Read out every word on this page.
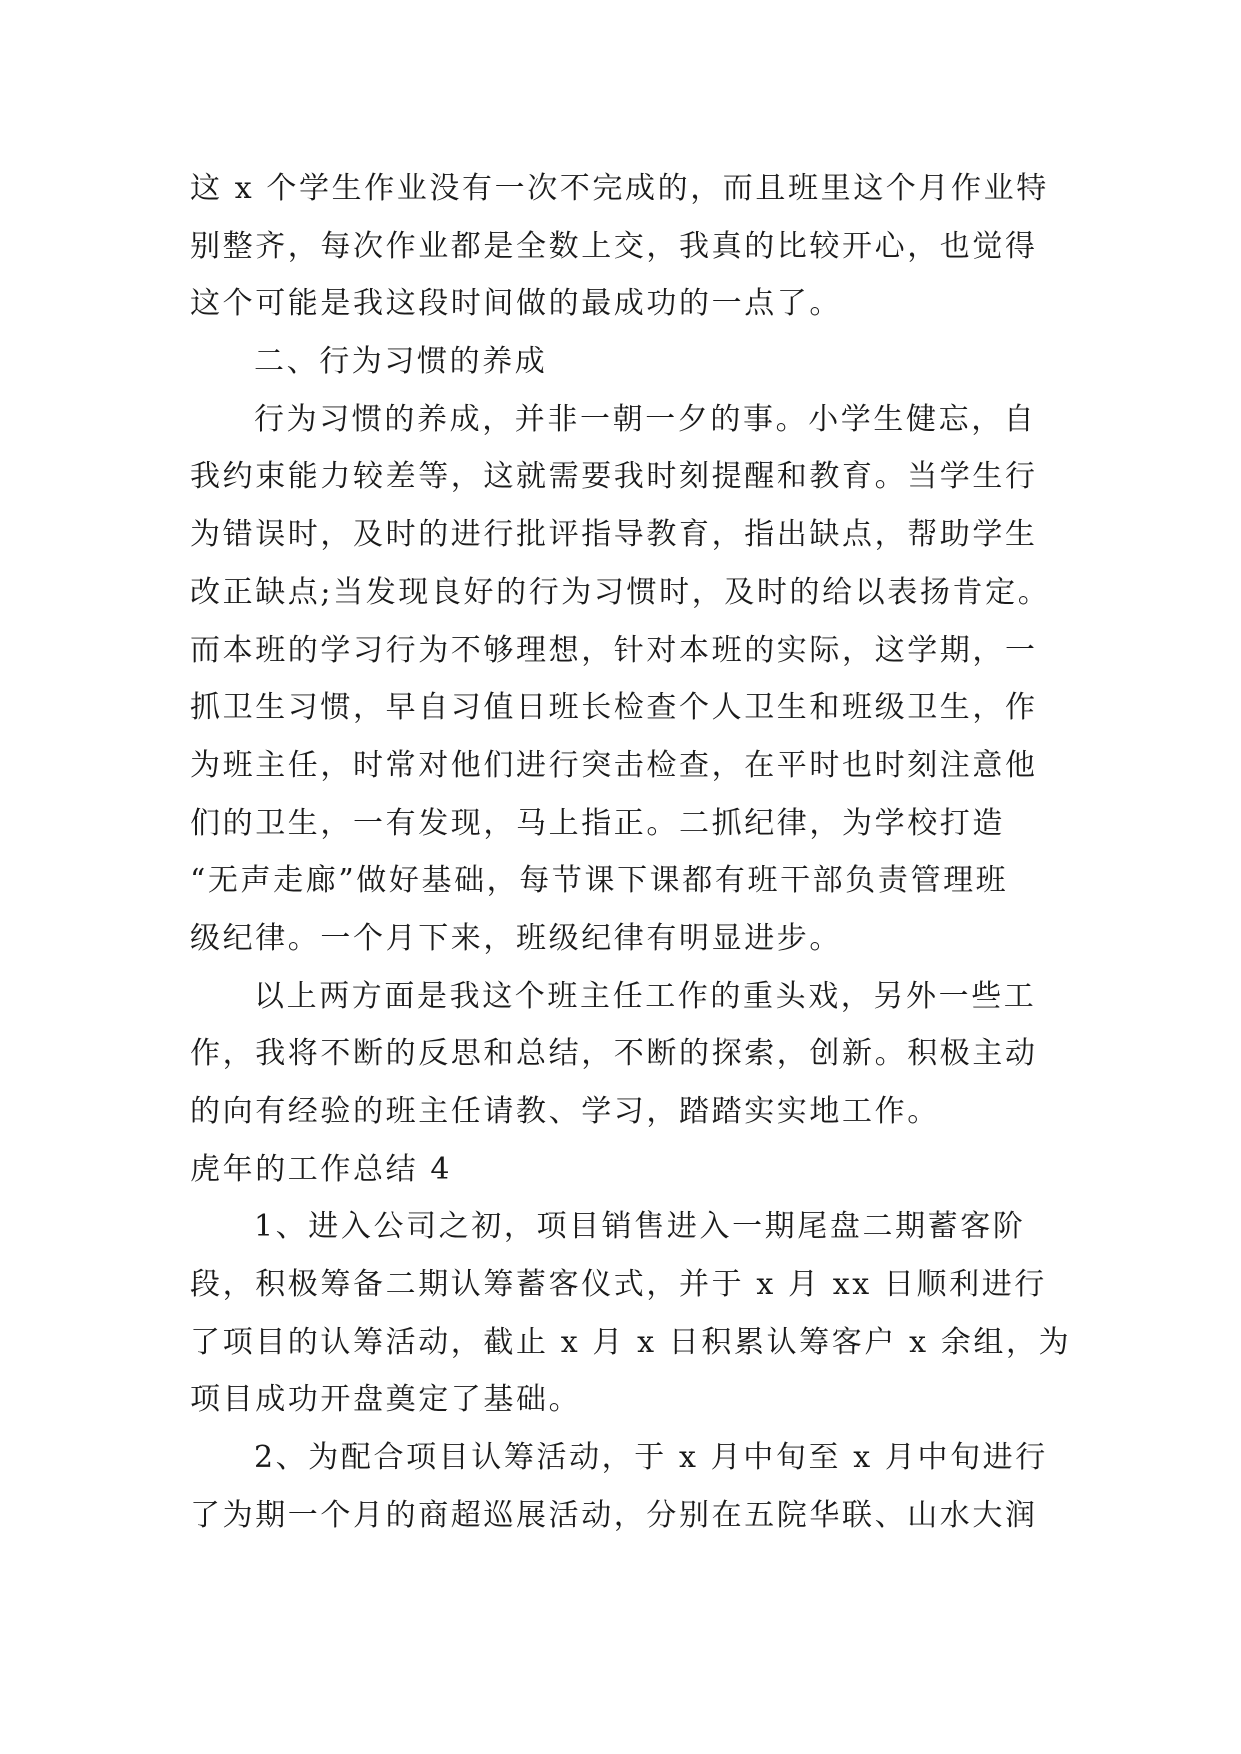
这 x 个学生作业没有一次不完成的，而且班里这个月作业特
别整齐，每次作业都是全数上交，我真的比较开心，也觉得
这个可能是我这段时间做的最成功的一点了。
二、行为习惯的养成
行为习惯的养成，并非一朝一夕的事。小学生健忘，自
我约束能力较差等，这就需要我时刻提醒和教育。当学生行
为错误时，及时的进行批评指导教育，指出缺点，帮助学生
改正缺点;当发现良好的行为习惯时，及时的给以表扬肯定。
而本班的学习行为不够理想，针对本班的实际，这学期，一
抓卫生习惯，早自习值日班长检查个人卫生和班级卫生，作
为班主任，时常对他们进行突击检查，在平时也时刻注意他
们的卫生，一有发现，马上指正。二抓纪律，为学校打造
“无声走廊”做好基础，每节课下课都有班干部负责管理班
级纪律。一个月下来，班级纪律有明显进步。
以上两方面是我这个班主任工作的重头戏，另外一些工
作，我将不断的反思和总结，不断的探索，创新。积极主动
的向有经验的班主任请教、学习，踏踏实实地工作。
虎年的工作总结 4
1、进入公司之初，项目销售进入一期尾盘二期蓄客阶
段，积极筹备二期认筹蓄客仪式，并于 x 月 xx 日顺利进行
了项目的认筹活动，截止 x 月 x 日积累认筹客户 x 余组，为
项目成功开盘奠定了基础。
2、为配合项目认筹活动，于 x 月中旬至 x 月中旬进行
了为期一个月的商超巡展活动，分别在五院华联、山水大润
